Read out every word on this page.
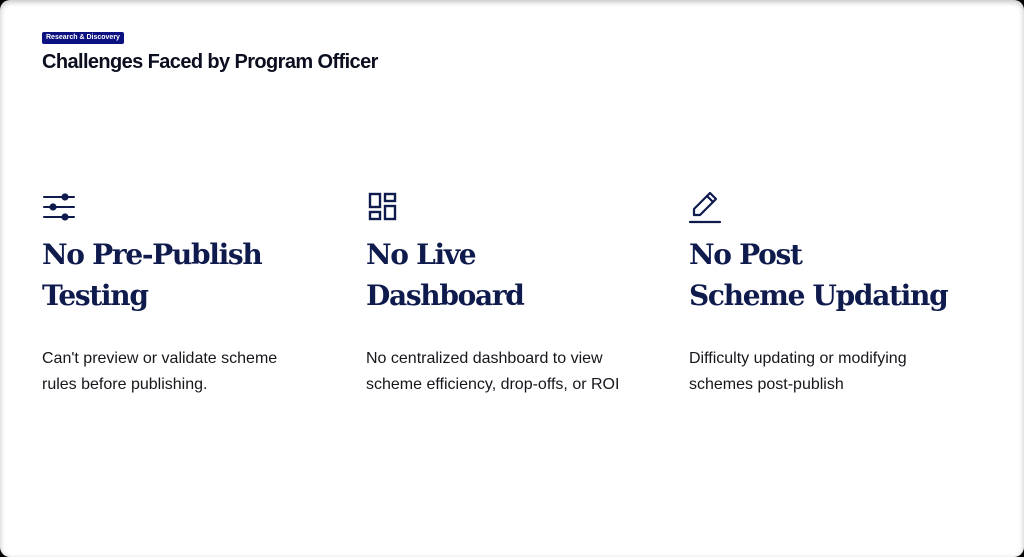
Research & Discovery
Challenges Faced by Program Officer
No Pre-Publish
Testing
Can't preview or validate scheme
rules before publishing.
No Live
Dashboard
No centralized dashboard to view
scheme efficiency, drop-offs, or ROI
No Post
Scheme Updating
Difficulty updating or modifying
schemes post-publish
